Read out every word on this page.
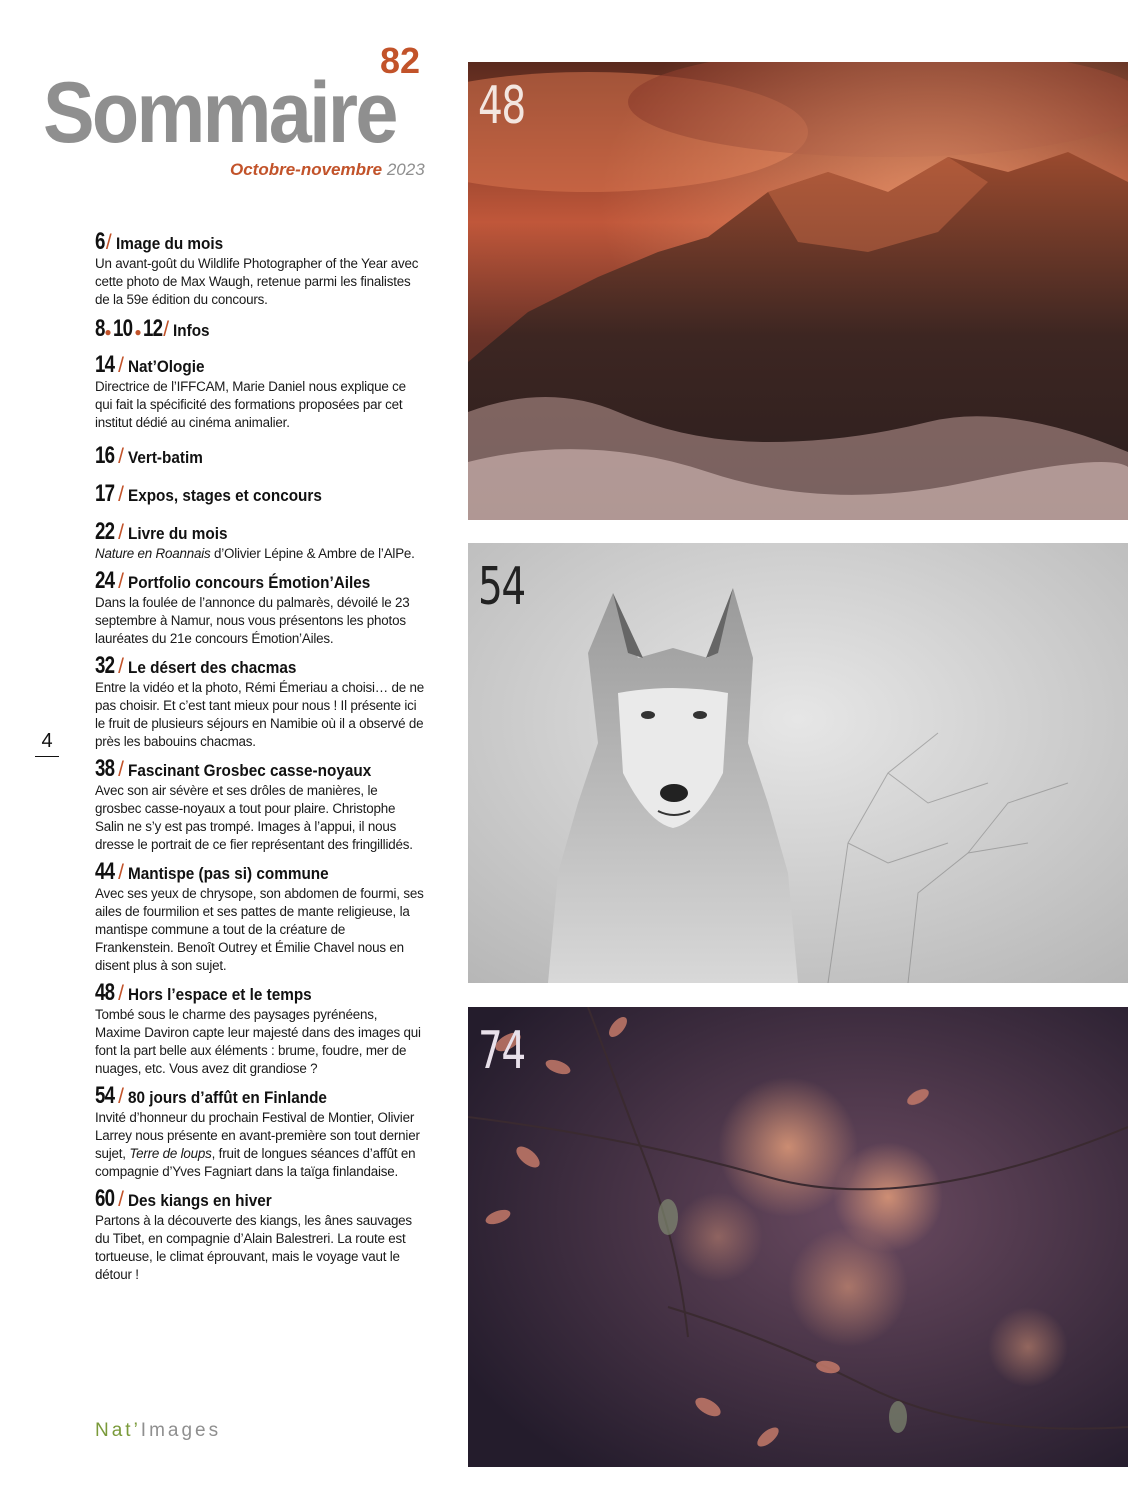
82
Sommaire
Octobre-novembre 2023
6 / Image du mois
Un avant-goût du Wildlife Photographer of the Year avec cette photo de Max Waugh, retenue parmi les finalistes de la 59e édition du concours.
8●10 ●12/ Infos
14 / Nat’Ologie
Directrice de l’IFFCAM, Marie Daniel nous explique ce qui fait la spécificité des formations proposées par cet institut dédié au cinéma animalier.
16 / Vert-batim
17 / Expos, stages et concours
22 / Livre du mois
Nature en Roannais d’Olivier Lépine & Ambre de l’AlPe.
24 / Portfolio concours Émotion’Ailes
Dans la foulée de l’annonce du palmarès, dévoilé le 23 septembre à Namur, nous vous présentons les photos lauréates du 21e concours Émotion’Ailes.
32 / Le désert des chacmas
Entre la vidéo et la photo, Rémi Émeriau a choisi… de ne pas choisir. Et c’est tant mieux pour nous ! Il présente ici le fruit de plusieurs séjours en Namibie où il a observé de près les babouins chacmas.
38 / Fascinant Grosbec casse-noyaux
Avec son air sévère et ses drôles de manières, le grosbec casse-noyaux a tout pour plaire. Christophe Salin ne s’y est pas trompé. Images à l’appui, il nous dresse le portrait de ce fier représentant des fringillidés.
44 / Mantispe (pas si) commune
Avec ses yeux de chrysope, son abdomen de fourmi, ses ailes de fourmilion et ses pattes de mante religieuse, la mantispe commune a tout de la créature de Frankenstein. Benoît Outrey et Émilie Chavel nous en disent plus à son sujet.
48 / Hors l’espace et le temps
Tombé sous le charme des paysages pyrénéens, Maxime Daviron capte leur majesté dans des images qui font la part belle aux éléments : brume, foudre, mer de nuages, etc. Vous avez dit grandiose ?
54 / 80 jours d’affût en Finlande
Invité d’honneur du prochain Festival de Montier, Olivier Larrey nous présente en avant-première son tout dernier sujet, Terre de loups, fruit de longues séances d’affût en compagnie d’Yves Fagniart dans la taïga finlandaise.
60 / Des kiangs en hiver
Partons à la découverte des kiangs, les ânes sauvages du Tibet, en compagnie d’Alain Balestreri. La route est tortueuse, le climat éprouvant, mais le voyage vaut le détour !
4
Nat’Images
48
54
74
